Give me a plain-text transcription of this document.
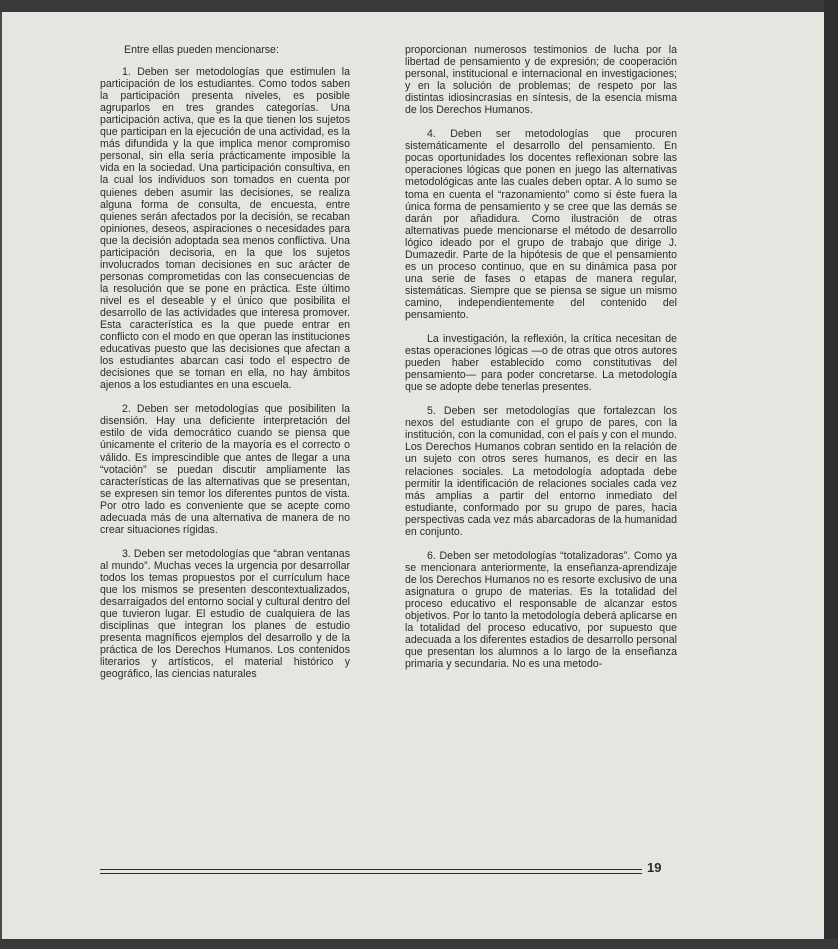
Entre ellas pueden mencionarse:

1. Deben ser metodologías que estimulen la participación de los estudiantes. Como todos saben la participación presenta niveles, es posible agruparlos en tres grandes categorías. Una participación activa, que es la que tienen los sujetos que participan en la ejecución de una actividad, es la más difundida y la que implica menor compromiso personal, sin ella sería prácticamente imposible la vida en la sociedad. Una participación consultiva, en la cual los individuos son tomados en cuenta por quienes deben asumir las decisiones, se realiza alguna forma de consulta, de encuesta, entre quienes serán afectados por la decisión, se recaban opiniones, deseos, aspiraciones o necesidades para que la decisión adoptada sea menos conflictiva. Una participación decisoria, en la que los sujetos involucrados toman decisiones en suc arácter de personas comprometidas con las consecuencias de la resolución que se pone en práctica. Este último nivel es el deseable y el único que posibilita el desarrollo de las actividades que interesa promover. Esta característica es la que puede entrar en conflicto con el modo en que operan las instituciones educativas puesto que las decisiones que afectan a los estudiantes abarcan casi todo el espectro de decisiones que se toman en ella, no hay ámbitos ajenos a los estudiantes en una escuela.

2. Deben ser metodologías que posibiliten la disensión. Hay una deficiente interpretación del estilo de vida democrático cuando se piensa que únicamente el criterio de la mayoría es el correcto o válido. Es imprescindible que antes de llegar a una “votación” se puedan discutir ampliamente las características de las alternativas que se presentan, se expresen sin temor los diferentes puntos de vista. Por otro lado es conveniente que se acepte como adecuada más de una alternativa de manera de no crear situaciones rígidas.

3. Deben ser metodologías que “abran ventanas al mundo”. Muchas veces la urgencia por desarrollar todos los temas propuestos por el currículum hace que los mismos se presenten descontextualizados, desarraigados del entorno social y cultural dentro del que tuvieron lugar. El estudio de cualquiera de las disciplinas que integran los planes de estudio presenta magníficos ejemplos del desarrollo y de la práctica de los Derechos Humanos. Los contenidos literarios y artísticos, el material histórico y geográfico, las ciencias naturales

proporcionan numerosos testimonios de lucha por la libertad de pensamiento y de expresión; de cooperación personal, institucional e internacional en investigaciones; y en la solución de problemas; de respeto por las distintas idiosincrasias en síntesis, de la esencia misma de los Derechos Humanos.

4. Deben ser metodologías que procuren sistemáticamente el desarrollo del pensamiento. En pocas oportunidades los docentes reflexionan sobre las operaciones lógicas que ponen en juego las alternativas metodológicas ante las cuales deben optar. A lo sumo se toma en cuenta el “razonamiento” como si éste fuera la única forma de pensamiento y se cree que las demás se darán por añadidura. Como ilustración de otras alternativas puede mencionarse el método de desarrollo lógico ideado por el grupo de trabajo que dirige J. Dumazedir. Parte de la hipótesis de que el pensamiento es un proceso continuo, que en su dinámica pasa por una serie de fases o etapas de manera regular, sistemáticas. Siempre que se piensa se sigue un mismo camino, independientemente del contenido del pensamiento.

La investigación, la reflexión, la crítica necesitan de estas operaciones lógicas —o de otras que otros autores pueden haber establecido como constitutivas del pensamiento— para poder concretarse. La metodología que se adopte debe tenerlas presentes.

5. Deben ser metodologías que fortalezcan los nexos del estudiante con el grupo de pares, con la institución, con la comunidad, con el país y con el mundo. Los Derechos Humanos cobran sentido en la relación de un sujeto con otros seres humanos, es decir en las relaciones sociales. La metodología adoptada debe permitir la identificación de relaciones sociales cada vez más amplias a partir del entorno inmediato del estudiante, conformado por su grupo de pares, hacia perspectivas cada vez más abarcadoras de la humanidad en conjunto.

6. Deben ser metodologías “totalizadoras”. Como ya se mencionara anteriormente, la enseñanza-aprendizaje de los Derechos Humanos no es resorte exclusivo de una asignatura o grupo de materias. Es la totalidad del proceso educativo el responsable de alcanzar estos objetivos. Por lo tanto la metodología deberá aplicarse en la totalidad del proceso educativo, por supuesto que adecuada a los diferentes estadios de desarrollo personal que presentan los alumnos a lo largo de la enseñanza primaria y secundaria. No es una metodo-

19
